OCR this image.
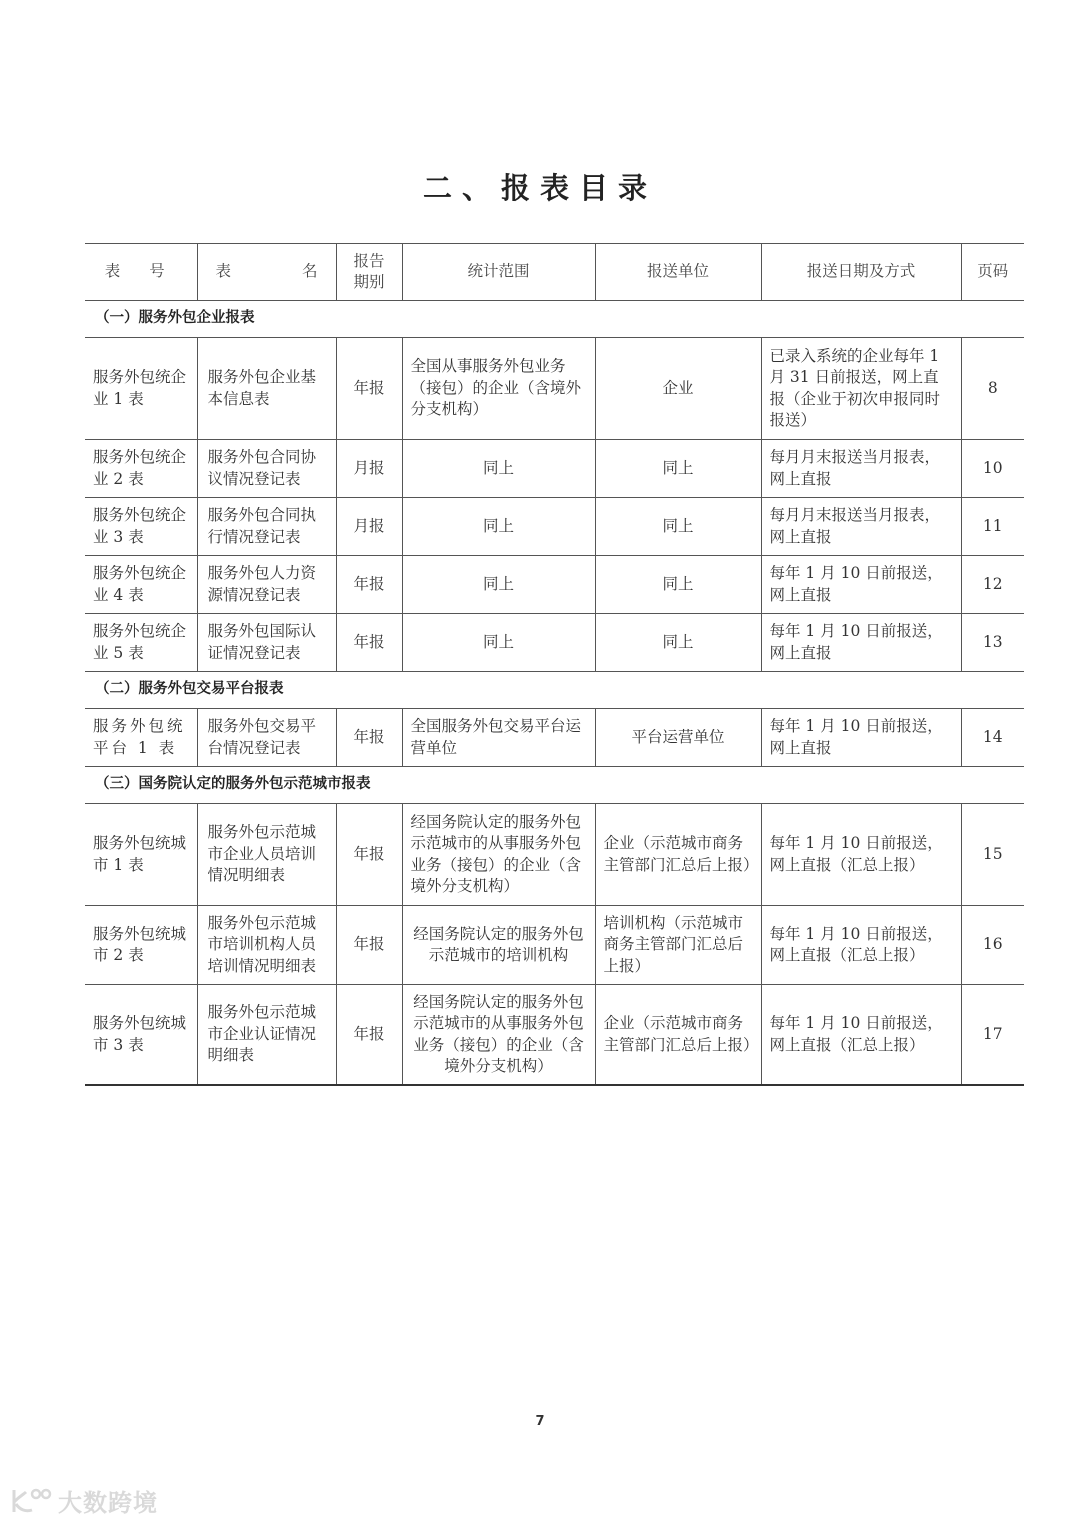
二、报表目录
表 号	表 名	报告期别	统计范围	报送单位	报送日期及方式	页码
（一）服务外包企业报表						
服务外包统企业 1 表	服务外包企业基本信息表	年报	全国从事服务外包业务（接包）的企业（含境外分支机构）	企业	已录入系统的企业每年 1 月 31 日前报送，网上直报（企业于初次申报同时报送）	8
服务外包统企业 2 表	服务外包合同协议情况登记表	月报	同上	同上	每月月末报送当月报表，网上直报	10
服务外包统企业 3 表	服务外包合同执行情况登记表	月报	同上	同上	每月月末报送当月报表，网上直报	11
服务外包统企业 4 表	服务外包人力资源情况登记表	年报	同上	同上	每年 1 月 10 日前报送，网上直报	12
服务外包统企业 5 表	服务外包国际认证情况登记表	年报	同上	同上	每年 1 月 10 日前报送，网上直报	13
（二）服务外包交易平台报表						
服务外包统平台 1 表	服务外包交易平台情况登记表	年报	全国服务外包交易平台运营单位	平台运营单位	每年 1 月 10 日前报送，网上直报	14
（三）国务院认定的服务外包示范城市报表						
服务外包统城市 1 表	服务外包示范城市企业人员培训情况明细表	年报	经国务院认定的服务外包示范城市的从事服务外包业务（接包）的企业（含境外分支机构）	企业（示范城市商务主管部门汇总后上报）	每年 1 月 10 日前报送，网上直报（汇总上报）	15
服务外包统城市 2 表	服务外包示范城市培训机构人员培训情况明细表	年报	经国务院认定的服务外包示范城市的培训机构	培训机构（示范城市商务主管部门汇总后上报）	每年 1 月 10 日前报送，网上直报（汇总上报）	16
服务外包统城市 3 表	服务外包示范城市企业认证情况明细表	年报	经国务院认定的服务外包示范城市的从事服务外包业务（接包）的企业（含境外分支机构）	企业（示范城市商务主管部门汇总后上报）	每年 1 月 10 日前报送，网上直报（汇总上报）	17
7
大数跨境
